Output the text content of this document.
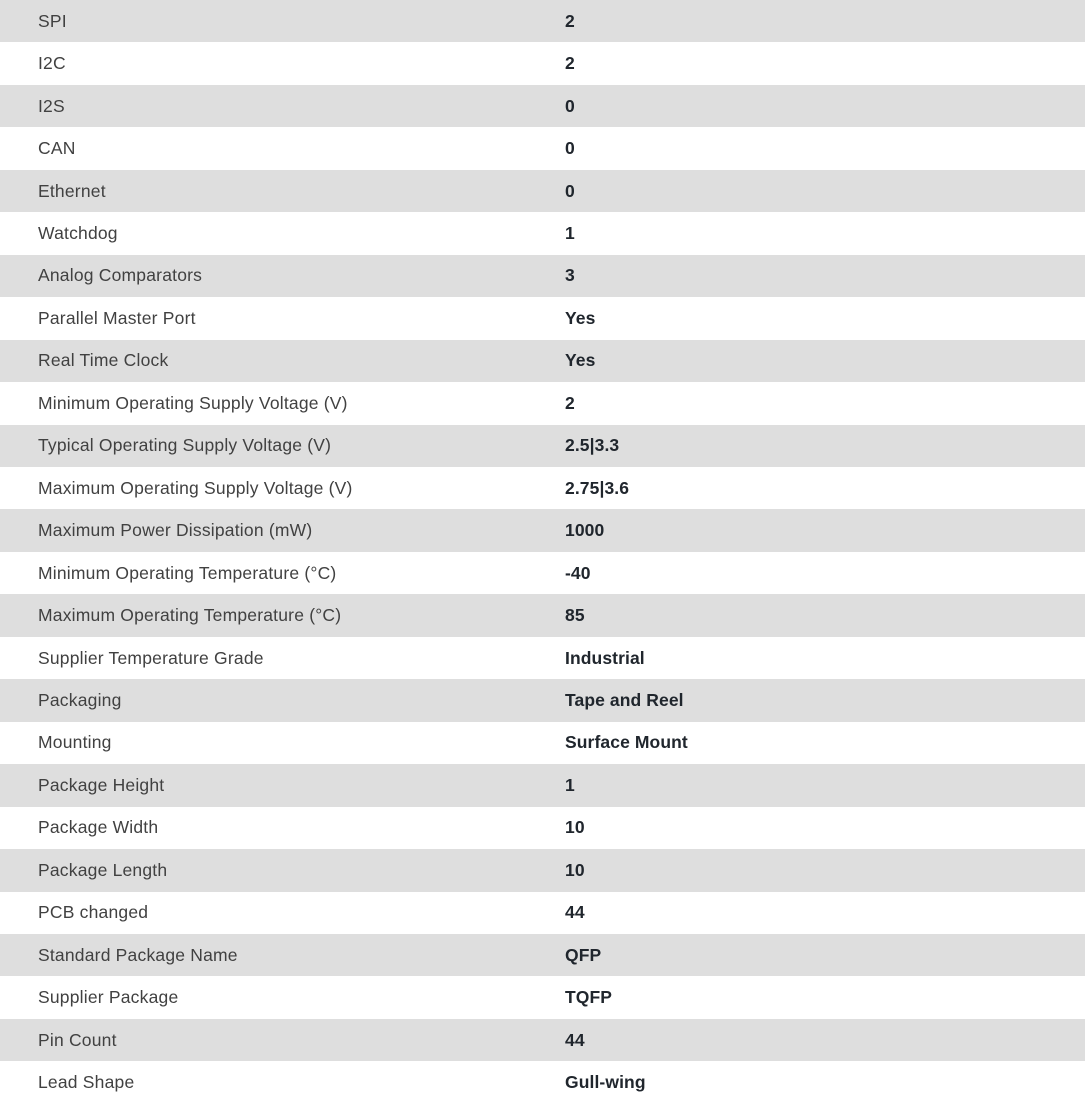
SPI	2
I2C	2
I2S	0
CAN	0
Ethernet	0
Watchdog	1
Analog Comparators	3
Parallel Master Port	Yes
Real Time Clock	Yes
Minimum Operating Supply Voltage (V)	2
Typical Operating Supply Voltage (V)	2.5|3.3
Maximum Operating Supply Voltage (V)	2.75|3.6
Maximum Power Dissipation (mW)	1000
Minimum Operating Temperature (°C)	-40
Maximum Operating Temperature (°C)	85
Supplier Temperature Grade	Industrial
Packaging	Tape and Reel
Mounting	Surface Mount
Package Height	1
Package Width	10
Package Length	10
PCB changed	44
Standard Package Name	QFP
Supplier Package	TQFP
Pin Count	44
Lead Shape	Gull-wing
